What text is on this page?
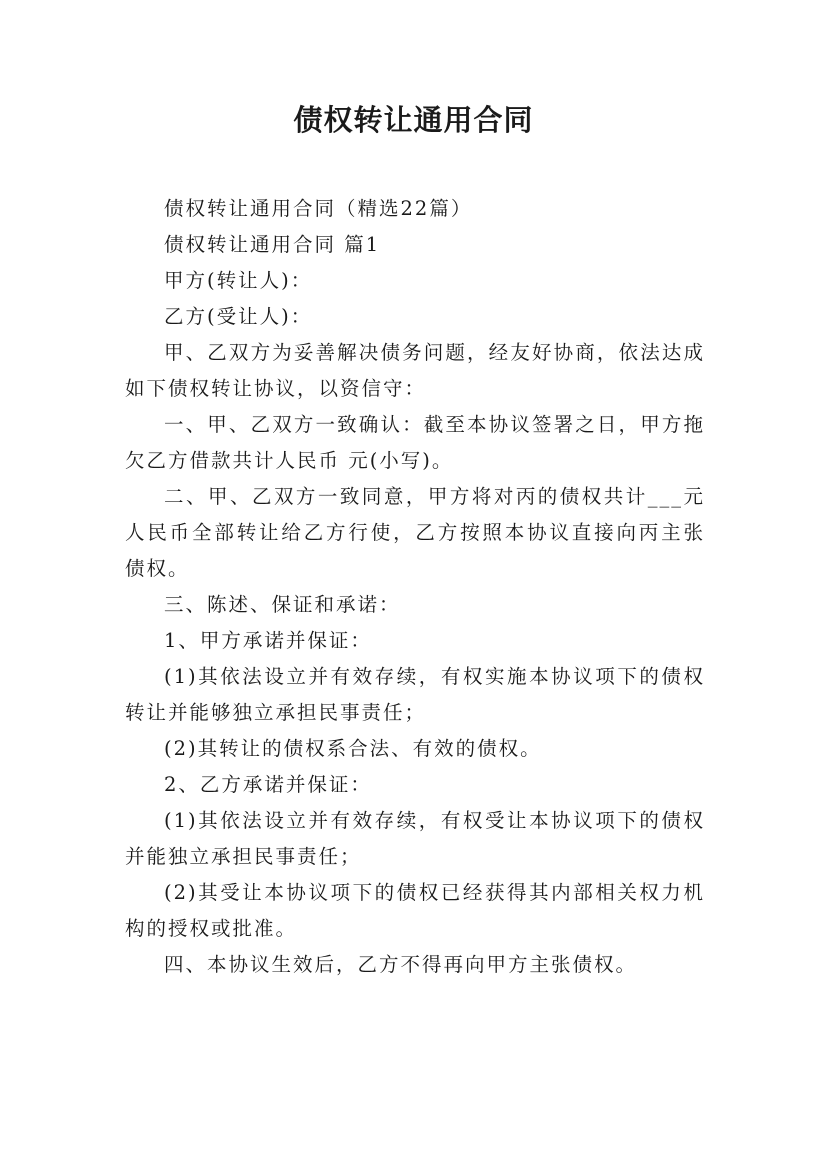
债权转让通用合同

债权转让通用合同（精选22篇）

债权转让通用合同 篇1

甲方(转让人)：

乙方(受让人)：

甲、乙双方为妥善解决债务问题，经友好协商，依法达成如下债权转让协议，以资信守：

一、甲、乙双方一致确认：截至本协议签署之日，甲方拖欠乙方借款共计人民币 元(小写)。

二、甲、乙双方一致同意，甲方将对丙的债权共计___元人民币全部转让给乙方行使，乙方按照本协议直接向丙主张债权。

三、陈述、保证和承诺：

1、甲方承诺并保证：

(1)其依法设立并有效存续，有权实施本协议项下的债权转让并能够独立承担民事责任；

(2)其转让的债权系合法、有效的债权。

2、乙方承诺并保证：

(1)其依法设立并有效存续，有权受让本协议项下的债权并能独立承担民事责任；

(2)其受让本协议项下的债权已经获得其内部相关权力机构的授权或批准。

四、本协议生效后，乙方不得再向甲方主张债权。
